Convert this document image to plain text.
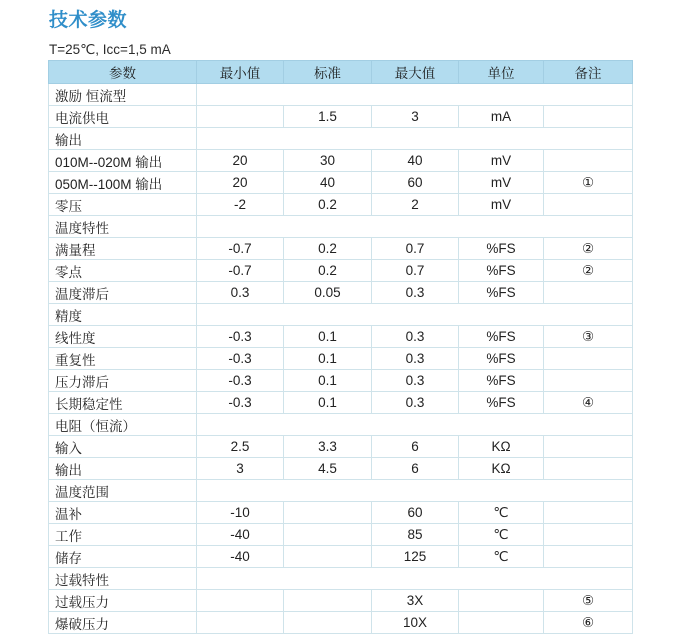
技术参数
T=25℃, Icc=1,5 mA
参数	最小值	标准	最大值	单位	备注
激励 恒流型					
电流供电		1.5	3	mA	
输出					
010M--020M 输出	20	30	40	mV	
050M--100M 输出	20	40	60	mV	①
零压	-2	0.2	2	mV	
温度特性					
满量程	-0.7	0.2	0.7	%FS	②
零点	-0.7	0.2	0.7	%FS	②
温度滞后	0.3	0.05	0.3	%FS	
精度					
线性度	-0.3	0.1	0.3	%FS	③
重复性	-0.3	0.1	0.3	%FS	
压力滞后	-0.3	0.1	0.3	%FS	
长期稳定性	-0.3	0.1	0.3	%FS	④
电阻（恒流）					
输入	2.5	3.3	6	KΩ	
输出	3	4.5	6	KΩ	
温度范围					
温补	-10		60	℃	
工作	-40		85	℃	
储存	-40		125	℃	
过载特性					
过载压力			3X		⑤
爆破压力			10X		⑥
